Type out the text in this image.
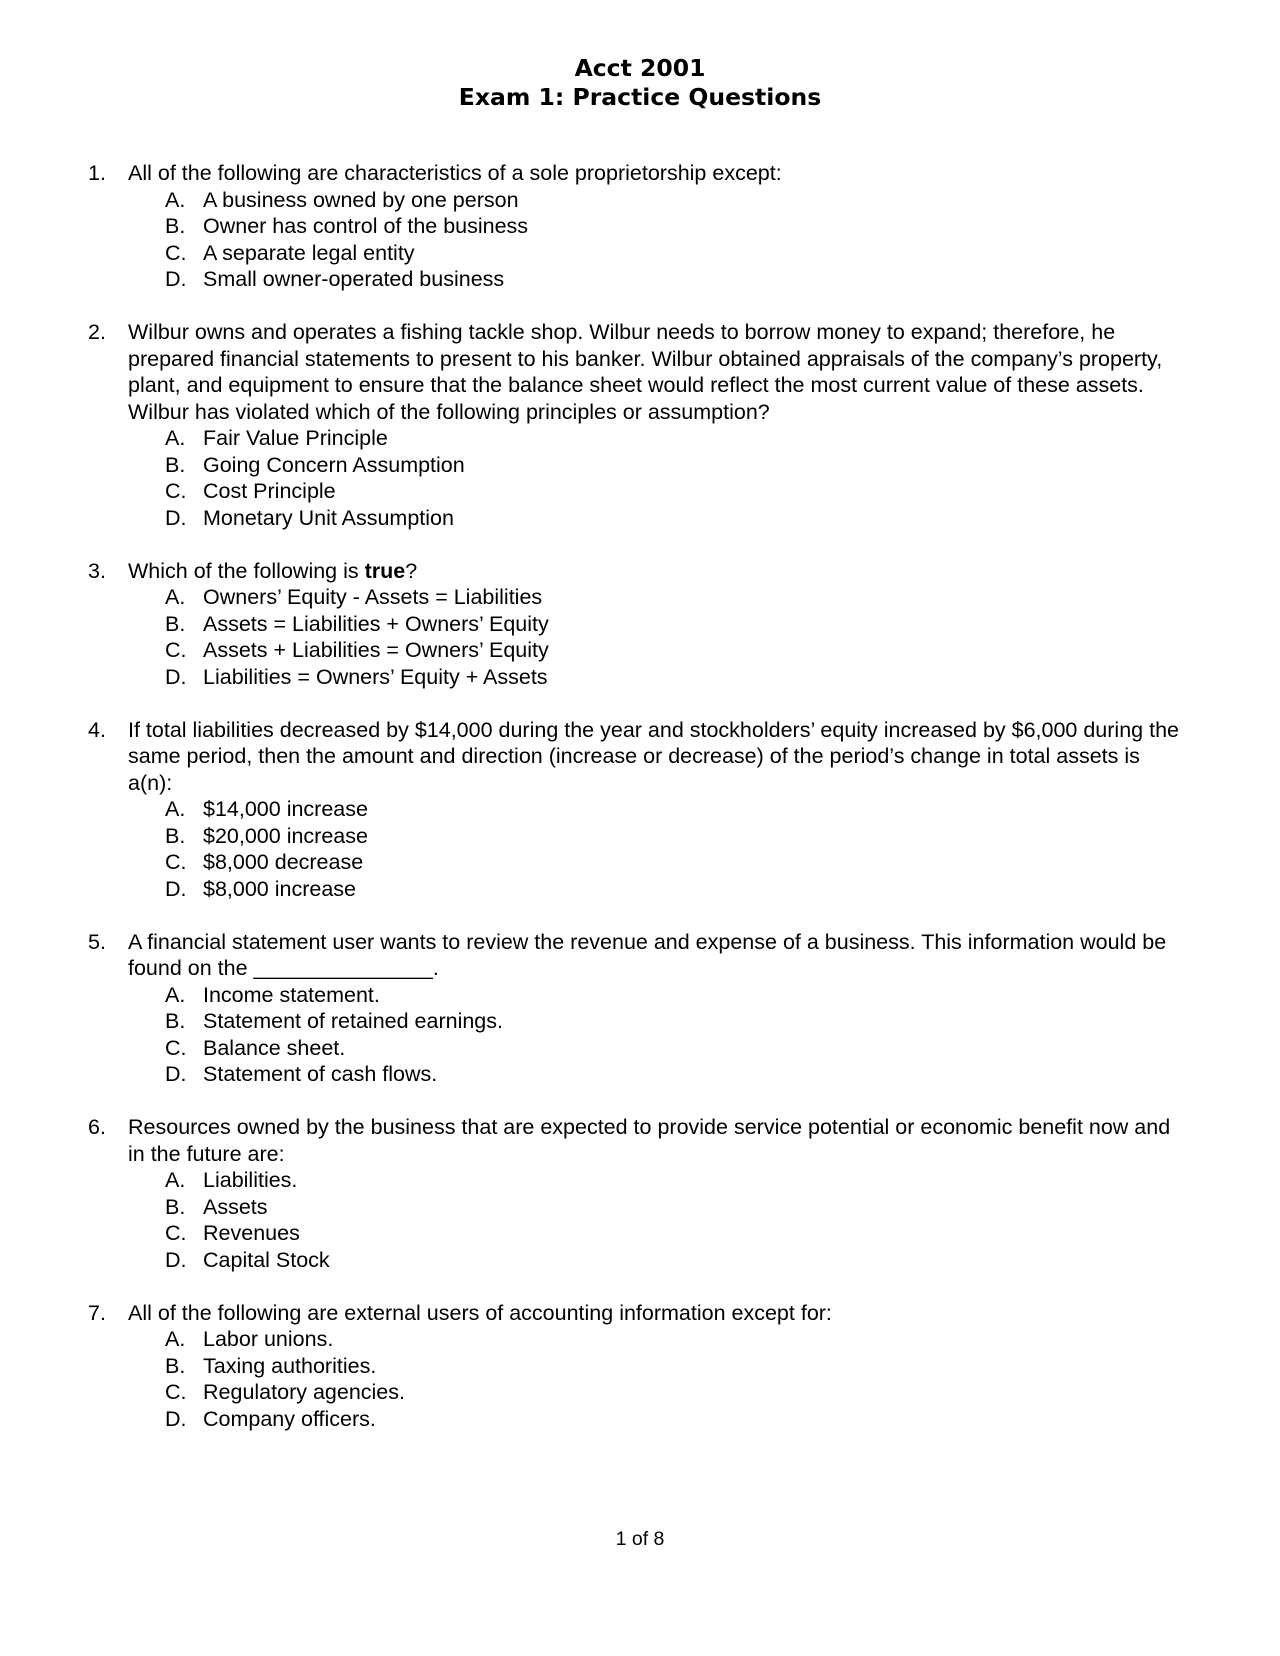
Acct 2001
Exam 1: Practice Questions
1.	All of the following are characteristics of a sole proprietorship except:
A. A business owned by one person
B. Owner has control of the business
C. A separate legal entity
D. Small owner-operated business
2.	Wilbur owns and operates a fishing tackle shop. Wilbur needs to borrow money to expand; therefore, he prepared financial statements to present to his banker. Wilbur obtained appraisals of the company’s property, plant, and equipment to ensure that the balance sheet would reflect the most current value of these assets. Wilbur has violated which of the following principles or assumption?
A. Fair Value Principle
B. Going Concern Assumption
C. Cost Principle
D. Monetary Unit Assumption
3.	Which of the following is true?
A. Owners’ Equity - Assets = Liabilities
B. Assets = Liabilities + Owners’ Equity
C. Assets + Liabilities = Owners’ Equity
D. Liabilities = Owners’ Equity + Assets
4.	If total liabilities decreased by $14,000 during the year and stockholders’ equity increased by $6,000 during the same period, then the amount and direction (increase or decrease) of the period’s change in total assets is a(n):
A. $14,000 increase
B. $20,000 increase
C. $8,000 decrease
D. $8,000 increase
5.	A financial statement user wants to review the revenue and expense of a business. This information would be found on the _______________.
A. Income statement.
B. Statement of retained earnings.
C. Balance sheet.
D. Statement of cash flows.
6.	Resources owned by the business that are expected to provide service potential or economic benefit now and in the future are:
A. Liabilities.
B. Assets
C. Revenues
D. Capital Stock
7.	All of the following are external users of accounting information except for:
A. Labor unions.
B. Taxing authorities.
C. Regulatory agencies.
D. Company officers.
1 of 8
